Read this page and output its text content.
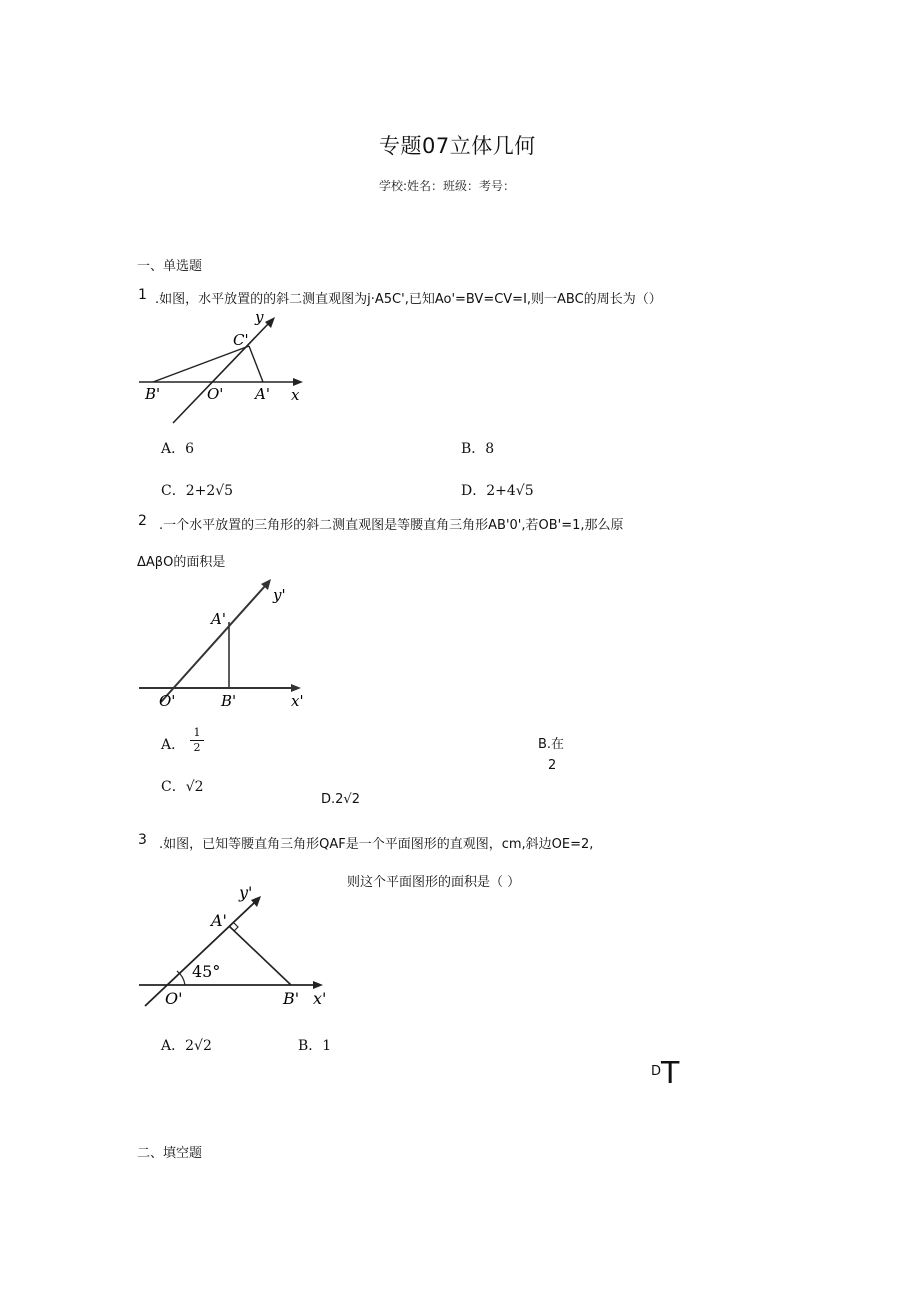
专题07立体几何
学校:姓名：班级：考号：
一、单选题
1 .如图，水平放置的的斜二测直观图为j·A5C',已知Ao'=BV=CV=I,则一ABC的周长为（）
y
x
C'
B'	O' A'
A．6	B．8
C．2+2√5	D．2+4√5
2 .一个水平放置的三角形的斜二测直观图是等腰直角三角形AB'0',若OB'=1,那么原
ΔAβO的面积是
y'
x'
A'
O'	B'
A．
1
2	B.在
2
C．√2
D.2√2
3 .如图，已知等腰直角三角形QAF是一个平面图形的直观图，cm,斜边OE=2,
则这个平面图形的面积是（ ）
y'
x'
A'
O'	B'
45°
A．2√2	B．1
D T
二、填空题
